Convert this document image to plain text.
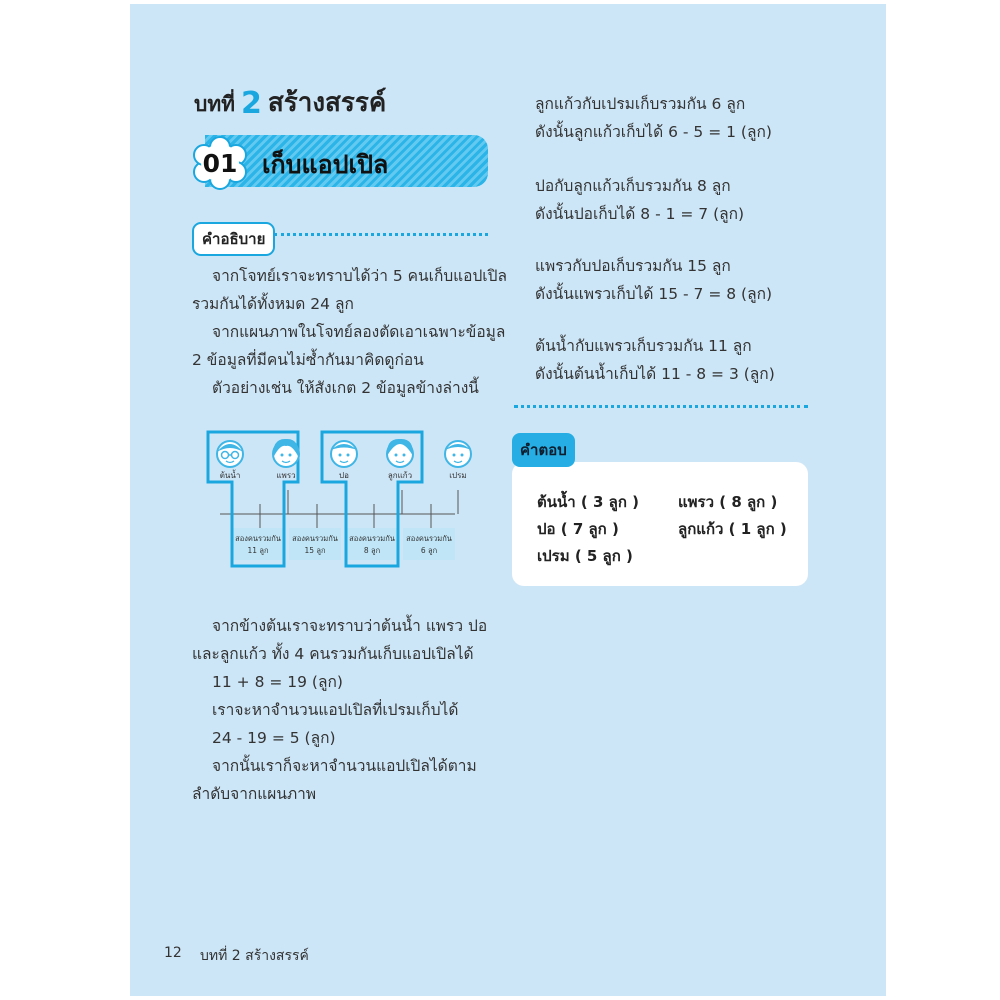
บทที่ 2 สร้างสรรค์
01 เก็บแอปเปิล
คำอธิบาย
จากโจทย์เราจะทราบได้ว่า 5 คนเก็บแอปเปิล
รวมกันได้ทั้งหมด 24 ลูก
จากแผนภาพในโจทย์ลองตัดเอาเฉพาะข้อมูล
2 ข้อมูลที่มีคนไม่ซ้ำกันมาคิดดูก่อน
ตัวอย่างเช่น ให้สังเกต 2 ข้อมูลข้างล่างนี้
ต้นน้ำ	แพรว	ปอ	ลูกแก้ว	เปรม
สองคนรวมกัน
11 ลูก
สองคนรวมกัน
15 ลูก
สองคนรวมกัน
8 ลูก
สองคนรวมกัน
6 ลูก
จากข้างต้นเราจะทราบว่าต้นน้ำ แพรว ปอ
และลูกแก้ว ทั้ง 4 คนรวมกันเก็บแอปเปิลได้
11 + 8 = 19 (ลูก)
เราจะหาจำนวนแอปเปิลที่เปรมเก็บได้
24 - 19 = 5 (ลูก)
จากนั้นเราก็จะหาจำนวนแอปเปิลได้ตาม
ลำดับจากแผนภาพ
ลูกแก้วกับเปรมเก็บรวมกัน 6 ลูก
ดังนั้นลูกแก้วเก็บได้ 6 - 5 = 1 (ลูก)
ปอกับลูกแก้วเก็บรวมกัน 8 ลูก
ดังนั้นปอเก็บได้ 8 - 1 = 7 (ลูก)
แพรวกับปอเก็บรวมกัน 15 ลูก
ดังนั้นแพรวเก็บได้ 15 - 7 = 8 (ลูก)
ต้นน้ำกับแพรวเก็บรวมกัน 11 ลูก
ดังนั้นต้นน้ำเก็บได้ 11 - 8 = 3 (ลูก)
คำตอบ
ต้นน้ำ ( 3 ลูก )	แพรว ( 8 ลูก )
ปอ ( 7 ลูก )	ลูกแก้ว ( 1 ลูก )
เปรม ( 5 ลูก )
12 บทที่ 2 สร้างสรรค์
